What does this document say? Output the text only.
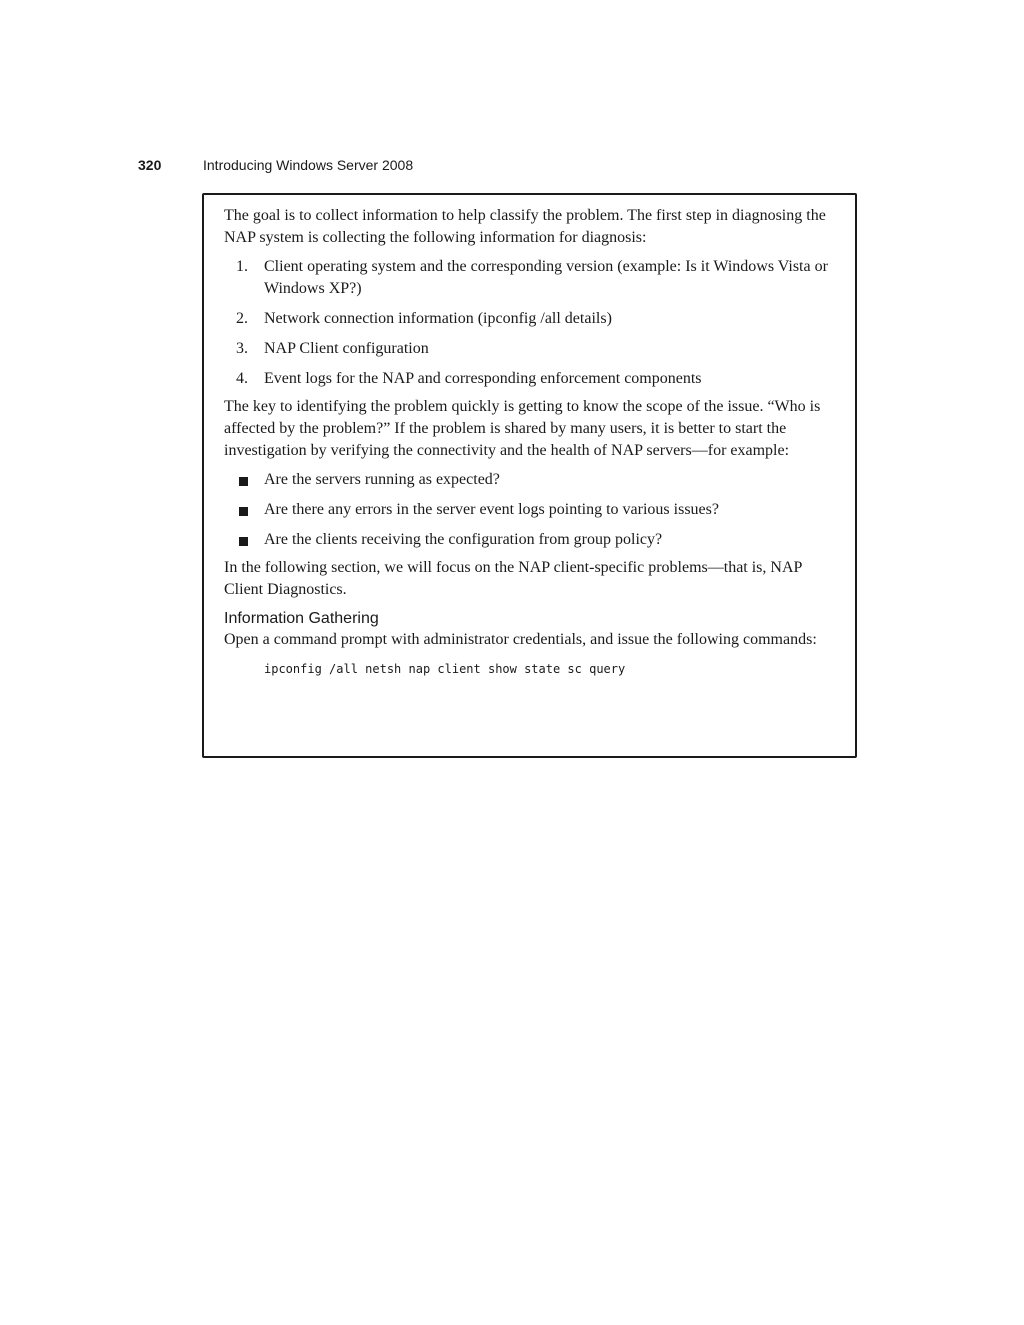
320	Introducing Windows Server 2008

The goal is to collect information to help classify the problem. The first step in diagnosing the NAP system is collecting the following information for diagnosis:

1. Client operating system and the corresponding version (example: Is it Windows Vista or Windows XP?)
2. Network connection information (ipconfig /all details)
3. NAP Client configuration
4. Event logs for the NAP and corresponding enforcement components

The key to identifying the problem quickly is getting to know the scope of the issue. “Who is affected by the problem?” If the problem is shared by many users, it is better to start the investigation by verifying the connectivity and the health of NAP servers—for example:

Are the servers running as expected?
Are there any errors in the server event logs pointing to various issues?
Are the clients receiving the configuration from group policy?

In the following section, we will focus on the NAP client-specific problems—that is, NAP Client Diagnostics.

Information Gathering

Open a command prompt with administrator credentials, and issue the following commands:

ipconfig /all netsh nap client show state sc query
